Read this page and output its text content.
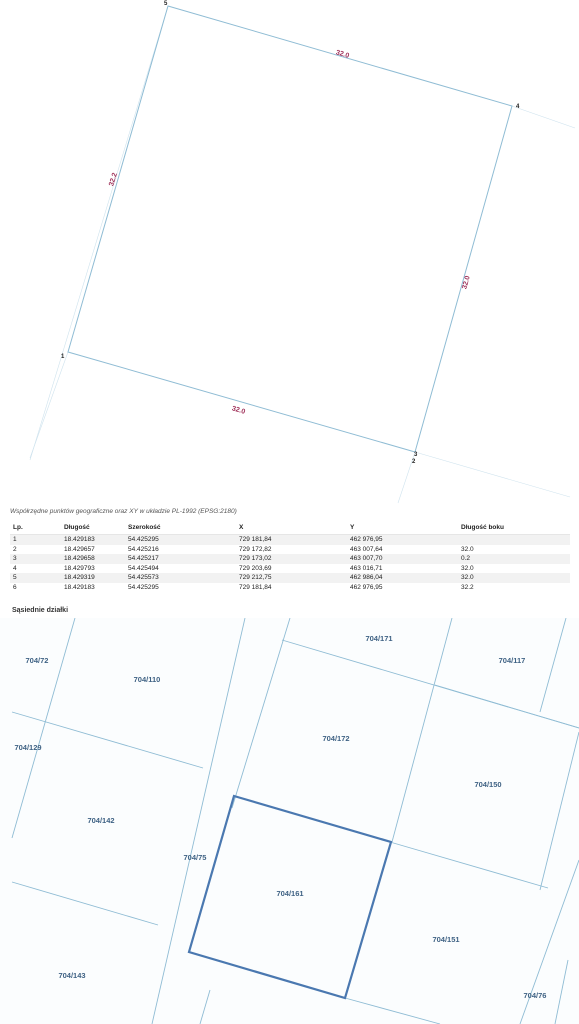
32.0
32.0
32.0
32.2
5
4
1
3
2
Współrzędne punktów geograficzne oraz XY w układzie PL-1992 (EPSG:2180)
Lp.	Długość	Szerokość	X	Y	Długość boku
1	18.429183	54.425295	729 181,84	462 976,95	
2	18.429657	54.425216	729 172,82	463 007,64	32.0
3	18.429658	54.425217	729 173,02	463 007,70	0.2
4	18.429793	54.425494	729 203,69	463 016,71	32.0
5	18.429319	54.425573	729 212,75	462 986,04	32.0
6	18.429183	54.425295	729 181,84	462 976,95	32.2
Sąsiednie działki
704/72
704/110
704/171
704/117
704/129
704/172
704/150
704/142
704/75
704/161
704/151
704/143
704/76
